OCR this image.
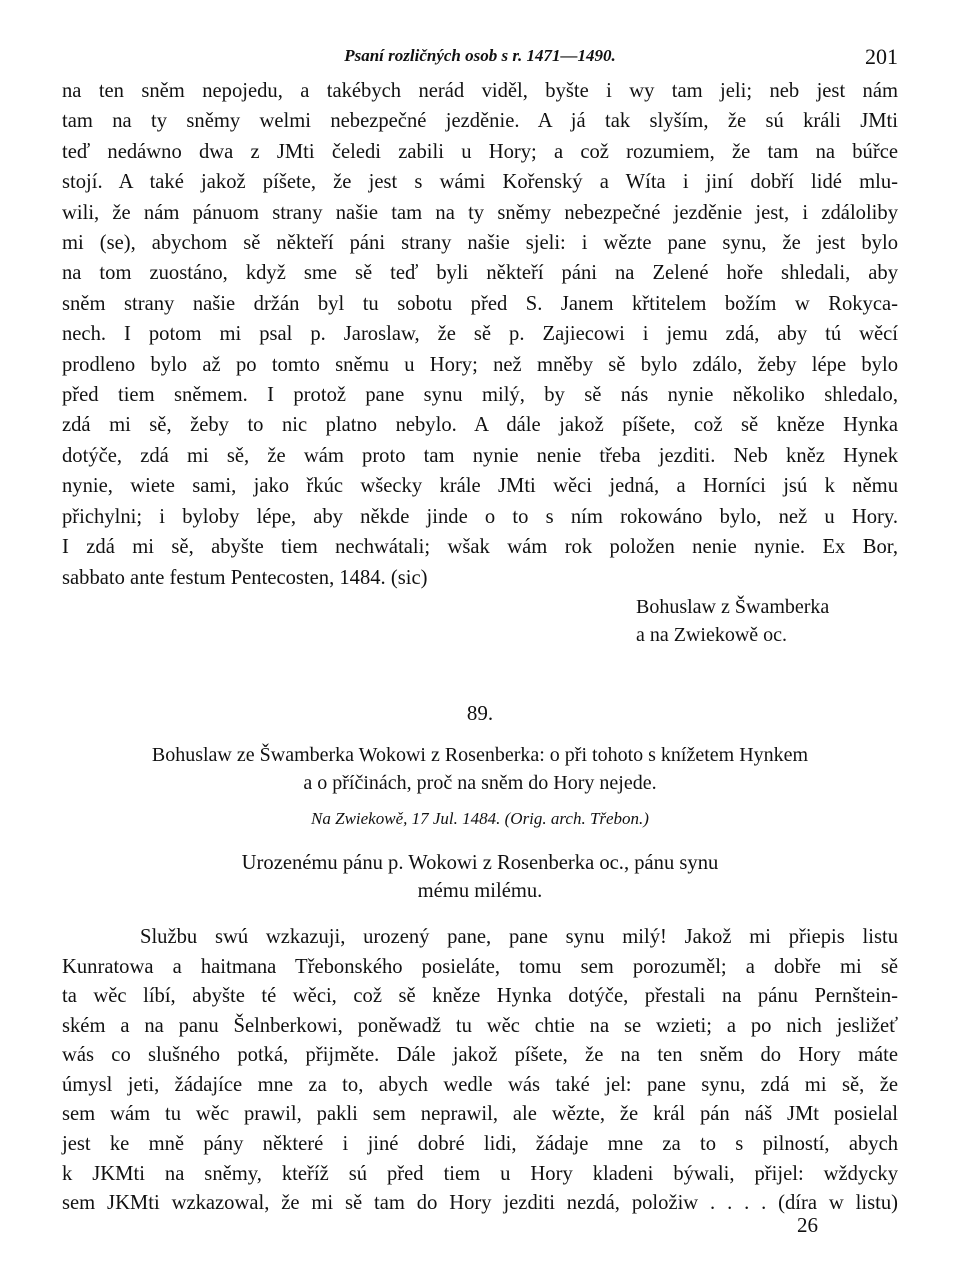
Psaní rozličných osob s r. 1471—1490.	201

na ten sněm nepojedu, a takébych nerád viděl, byšte i wy tam jeli; neb jest nám
tam na ty sněmy welmi nebezpečné jezděnie. A já tak slyším, že sú králi JMti
teď nedáwno dwa z JMti čeledi zabili u Hory; a což rozumiem, že tam na búřce
stojí. A také jakož píšete, že jest s wámi Kořenský a Wíta i jiní dobří lidé mlu-
wili, že nám pánuom strany našie tam na ty sněmy nebezpečné jezděnie jest, i zdáloliby
mi (se), abychom sě někteří páni strany našie sjeli: i wězte pane synu, že jest bylo
na tom zuostáno, když sme sě teď byli někteří páni na Zelené hoře shledali, aby
sněm strany našie držán byl tu sobotu před S. Janem křtitelem božím w Rokyca-
nech. I potom mi psal p. Jaroslaw, že sě p. Zajiecowi i jemu zdá, aby tú wěcí
prodleno bylo až po tomto sněmu u Hory; než mněby sě bylo zdálo, žeby lépe bylo
před tiem sněmem. I protož pane synu milý, by sě nás nynie několiko shledalo,
zdá mi sě, žeby to nic platno nebylo. A dále jakož píšete, což sě kněze Hynka
dotýče, zdá mi sě, že wám proto tam nynie nenie třeba jezditi. Neb kněz Hynek
nynie, wiete sami, jako řkúc wšecky krále JMti wěci jedná, a Horníci jsú k němu
přichylni; i byloby lépe, aby někde jinde o to s ním rokowáno bylo, než u Hory.
I zdá mi sě, abyšte tiem nechwátali; wšak wám rok položen nenie nynie. Ex Bor,
sabbato ante festum Pentecosten, 1484. (sic)

Bohuslaw z Šwamberka
a na Zwiekowě oc.
89.
Bohuslaw ze Šwamberka Wokowi z Rosenberka: o při tohoto s knížetem Hynkem
a o příčinách, proč na sněm do Hory nejede.
Na Zwiekowě, 17 Jul. 1484. (Orig. arch. Třebon.)
Urozenému pánu p. Wokowi z Rosenberka oc., pánu synu
mému milému.

Službu swú wzkazuji, urozený pane, pane synu milý! Jakož mi přiepis listu
Kunratowa a haitmana Třebonského posieláte, tomu sem porozuměl; a dobře mi sě
ta wěc líbí, abyšte té wěci, což sě kněze Hynka dotýče, přestali na pánu Pernštein-
ském a na panu Šelnberkowi, poněwadž tu wěc chtie na se wzieti; a po nich jesližeť
wás co slušného potká, přijměte. Dále jakož píšete, že na ten sněm do Hory máte
úmysl jeti, žádajíce mne za to, abych wedle wás také jel: pane synu, zdá mi sě, že
sem wám tu wěc prawil, pakli sem neprawil, ale wězte, že král pán náš JMt posielal
jest ke mně pány některé i jiné dobré lidi, žádaje mne za to s pilností, abych
k JKMti na sněmy, kteříž sú před tiem u Hory kladeni býwali, přijel: wždycky
sem JKMti wzkazowal, že mi sě tam do Hory jezditi nezdá, položiw . . . . (díra w listu)

26
